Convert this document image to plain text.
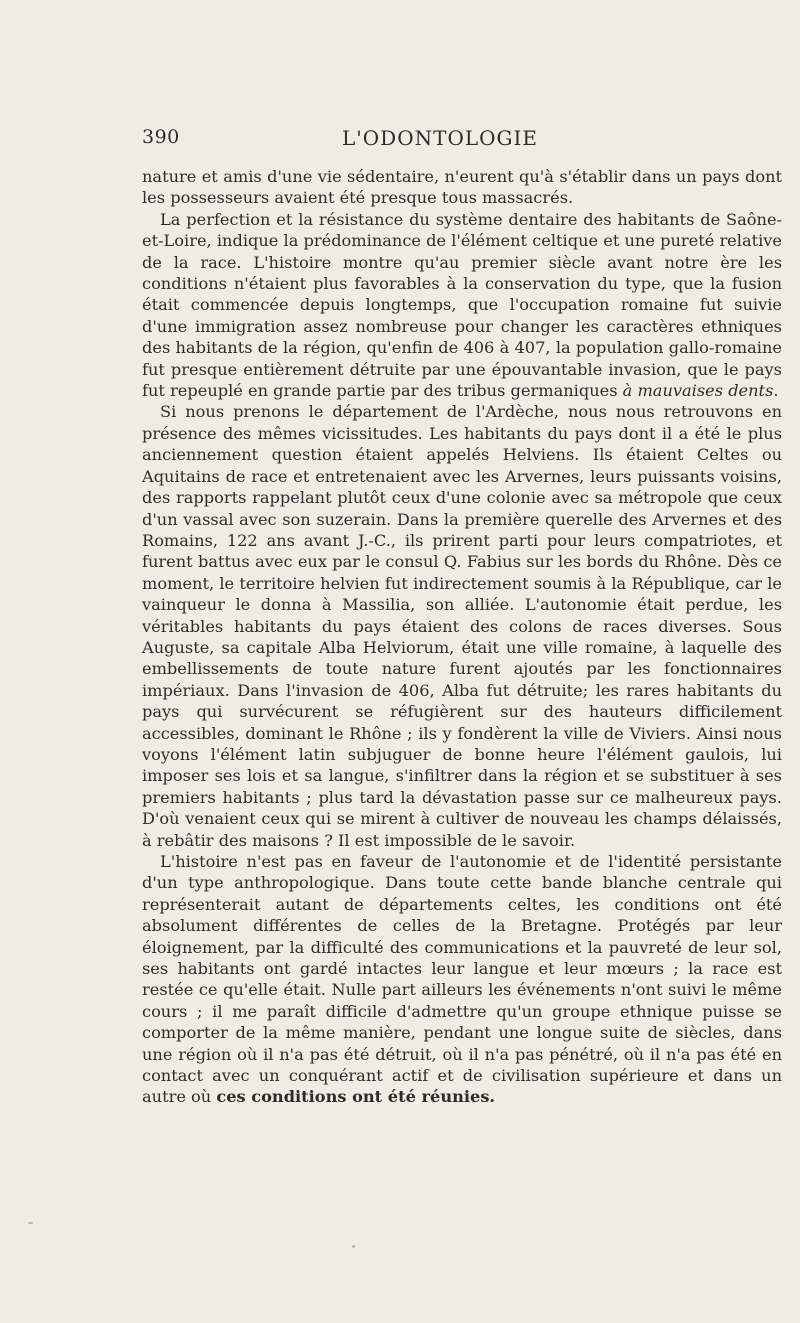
390	L'ODONTOLOGIE

nature et amis d'une vie sédentaire, n'eurent qu'à s'établir dans un pays dont les possesseurs avaient été presque tous massacrés.

La perfection et la résistance du système dentaire des habitants de Saône-et-Loire, indique la prédominance de l'élément celtique et une pureté relative de la race. L'histoire montre qu'au premier siècle avant notre ère les conditions n'étaient plus favorables à la conservation du type, que la fusion était commencée depuis longtemps, que l'occupation romaine fut suivie d'une immigration assez nombreuse pour changer les caractères ethniques des habitants de la région, qu'enfin de 406 à 407, la population gallo-romaine fut presque entièrement détruite par une épouvantable invasion, que le pays fut repeuplé en grande partie par des tribus germaniques à mauvaises dents.

Si nous prenons le département de l'Ardèche, nous nous retrouvons en présence des mêmes vicissitudes. Les habitants du pays dont il a été le plus anciennement question étaient appelés Helviens. Ils étaient Celtes ou Aquitains de race et entretenaient avec les Arvernes, leurs puissants voisins, des rapports rappelant plutôt ceux d'une colonie avec sa métropole que ceux d'un vassal avec son suzerain. Dans la première querelle des Arvernes et des Romains, 122 ans avant J.-C., ils prirent parti pour leurs compatriotes, et furent battus avec eux par le consul Q. Fabius sur les bords du Rhône. Dès ce moment, le territoire helvien fut indirectement soumis à la République, car le vainqueur le donna à Massilia, son alliée. L'autonomie était perdue, les véritables habitants du pays étaient des colons de races diverses. Sous Auguste, sa capitale Alba Helviorum, était une ville romaine, à laquelle des embellissements de toute nature furent ajoutés par les fonctionnaires impériaux. Dans l'invasion de 406, Alba fut détruite; les rares habitants du pays qui survécurent se réfugièrent sur des hauteurs difficilement accessibles, dominant le Rhône ; ils y fondèrent la ville de Viviers. Ainsi nous voyons l'élément latin subjuguer de bonne heure l'élément gaulois, lui imposer ses lois et sa langue, s'infiltrer dans la région et se substituer à ses premiers habitants ; plus tard la dévastation passe sur ce malheureux pays. D'où venaient ceux qui se mirent à cultiver de nouveau les champs délaissés, à rebâtir des maisons ? Il est impossible de le savoir.

L'histoire n'est pas en faveur de l'autonomie et de l'identité persistante d'un type anthropologique. Dans toute cette bande blanche centrale qui représenterait autant de départements celtes, les conditions ont été absolument différentes de celles de la Bretagne. Protégés par leur éloignement, par la difficulté des communications et la pauvreté de leur sol, ses habitants ont gardé intactes leur langue et leur mœurs ; la race est restée ce qu'elle était. Nulle part ailleurs les événements n'ont suivi le même cours ; il me paraît difficile d'admettre qu'un groupe ethnique puisse se comporter de la même manière, pendant une longue suite de siècles, dans une région où il n'a pas été détruit, où il n'a pas pénétré, où il n'a pas été en contact avec un conquérant actif et de civilisation supérieure et dans un autre où ces conditions ont été réunies.
